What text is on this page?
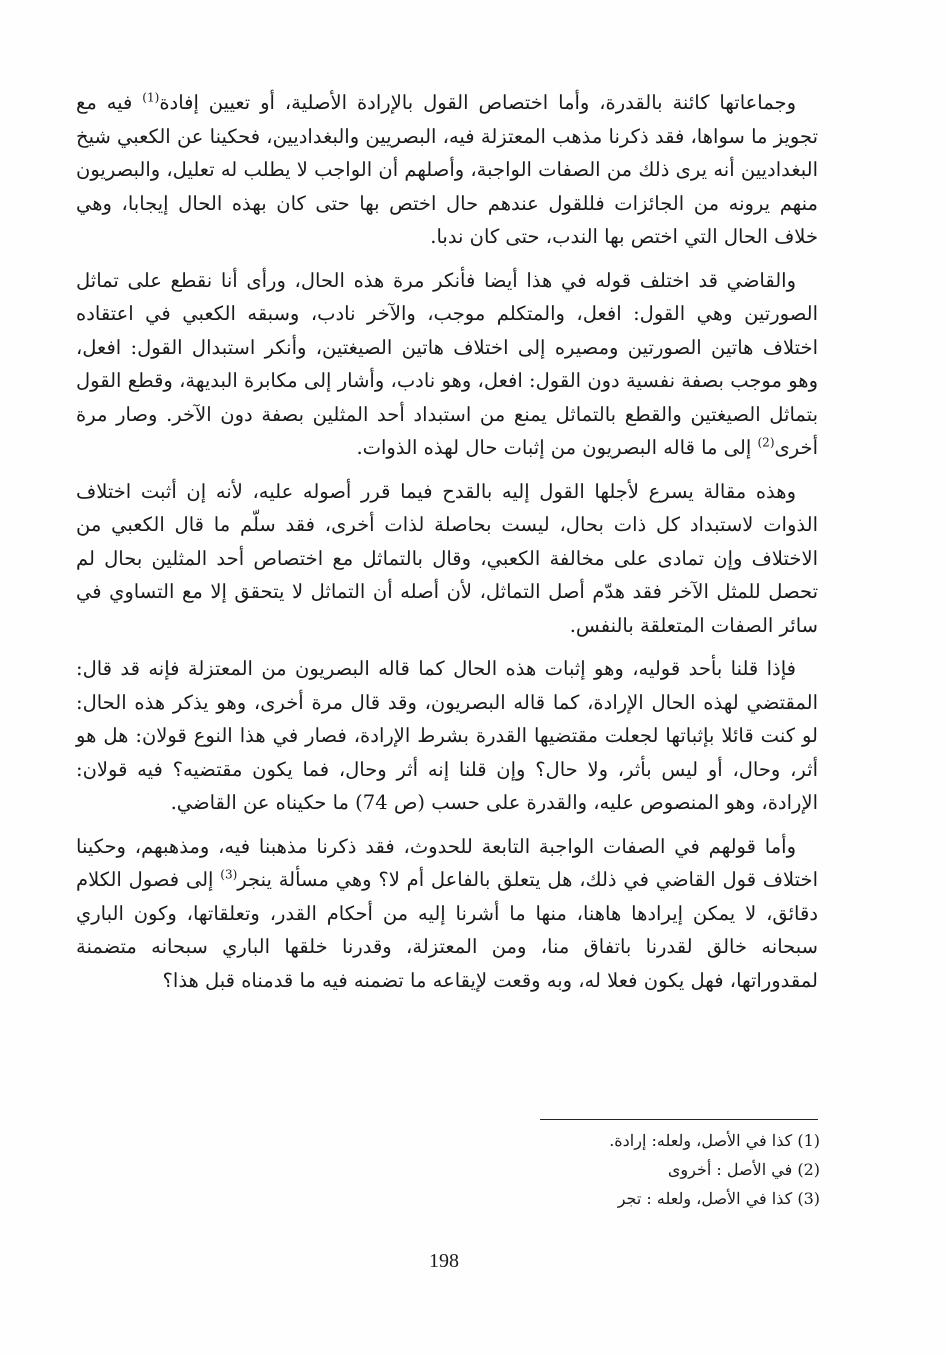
وجماعاتها كائنة بالقدرة، وأما اختصاص القول بالإرادة الأصلية، أو تعيين إفادة$^{(1)}$ فيه مع تجويز ما سواها، فقد ذكرنا مذهب المعتزلة فيه، البصريين والبغداديين، فحكينا عن الكعبي شيخ البغداديين أنه يرى ذلك من الصفات الواجبة، وأصلهم أن الواجب لا يطلب له تعليل، والبصريون منهم يرونه من الجائزات فللقول عندهم حال اختص بها حتى كان بهذه الحال إيجابا، وهي خلاف الحال التي اختص بها الندب، حتى كان ندبا.

والقاضي قد اختلف قوله في هذا أيضا فأنكر مرة هذه الحال، ورأى أنا نقطع على تماثل الصورتين وهي القول: افعل، والمتكلم موجب، والآخر نادب، وسبقه الكعبي في اعتقاده اختلاف هاتين الصورتين ومصيره إلى اختلاف هاتين الصيغتين، وأنكر استبدال القول: افعل، وهو موجب بصفة نفسية دون القول: افعل، وهو نادب، وأشار إلى مكابرة البديهة، وقطع القول بتماثل الصيغتين والقطع بالتماثل يمنع من استبداد أحد المثلين بصفة دون الآخر. وصار مرة أخرى$^{(2)}$ إلى ما قاله البصريون من إثبات حال لهذه الذوات.

وهذه مقالة يسرع لأجلها القول إليه بالقدح فيما قرر أصوله عليه، لأنه إن أثبت اختلاف الذوات لاستبداد كل ذات بحال، ليست بحاصلة لذات أخرى، فقد سلّم ما قال الكعبي من الاختلاف وإن تمادى على مخالفة الكعبي، وقال بالتماثل مع اختصاص أحد المثلين بحال لم تحصل للمثل الآخر فقد هدّم أصل التماثل، لأن أصله أن التماثل لا يتحقق إلا مع التساوي في سائر الصفات المتعلقة بالنفس.

فإذا قلنا بأحد قوليه، وهو إثبات هذه الحال كما قاله البصريون من المعتزلة فإنه قد قال: المقتضي لهذه الحال الإرادة، كما قاله البصريون، وقد قال مرة أخرى، وهو يذكر هذه الحال: لو كنت قائلا بإثباتها لجعلت مقتضيها القدرة بشرط الإرادة، فصار في هذا النوع قولان: هل هو أثر، وحال، أو ليس بأثر، ولا حال؟ وإن قلنا إنه أثر وحال، فما يكون مقتضيه؟ فيه قولان: الإرادة، وهو المنصوص عليه، والقدرة على حسب (ص 74) ما حكيناه عن القاضي.

وأما قولهم في الصفات الواجبة التابعة للحدوث، فقد ذكرنا مذهبنا فيه، ومذهبهم، وحكينا اختلاف قول القاضي في ذلك، هل يتعلق بالفاعل أم لا؟ وهي مسألة ينجر$^{(3)}$ إلى فصول الكلام دقائق، لا يمكن إيرادها هاهنا، منها ما أشرنا إليه من أحكام القدر، وتعلقاتها، وكون الباري سبحانه خالق لقدرنا باتفاق منا، ومن المعتزلة، وقدرنا خلقها الباري سبحانه متضمنة لمقدوراتها، فهل يكون فعلا له، وبه وقعت لإيقاعه ما تضمنه فيه ما قدمناه قبل هذا؟

(1) كذا في الأصل، ولعله: إرادة.

(2) في الأصل : أخروى

(3) كذا في الأصل، ولعله : تجر

198
